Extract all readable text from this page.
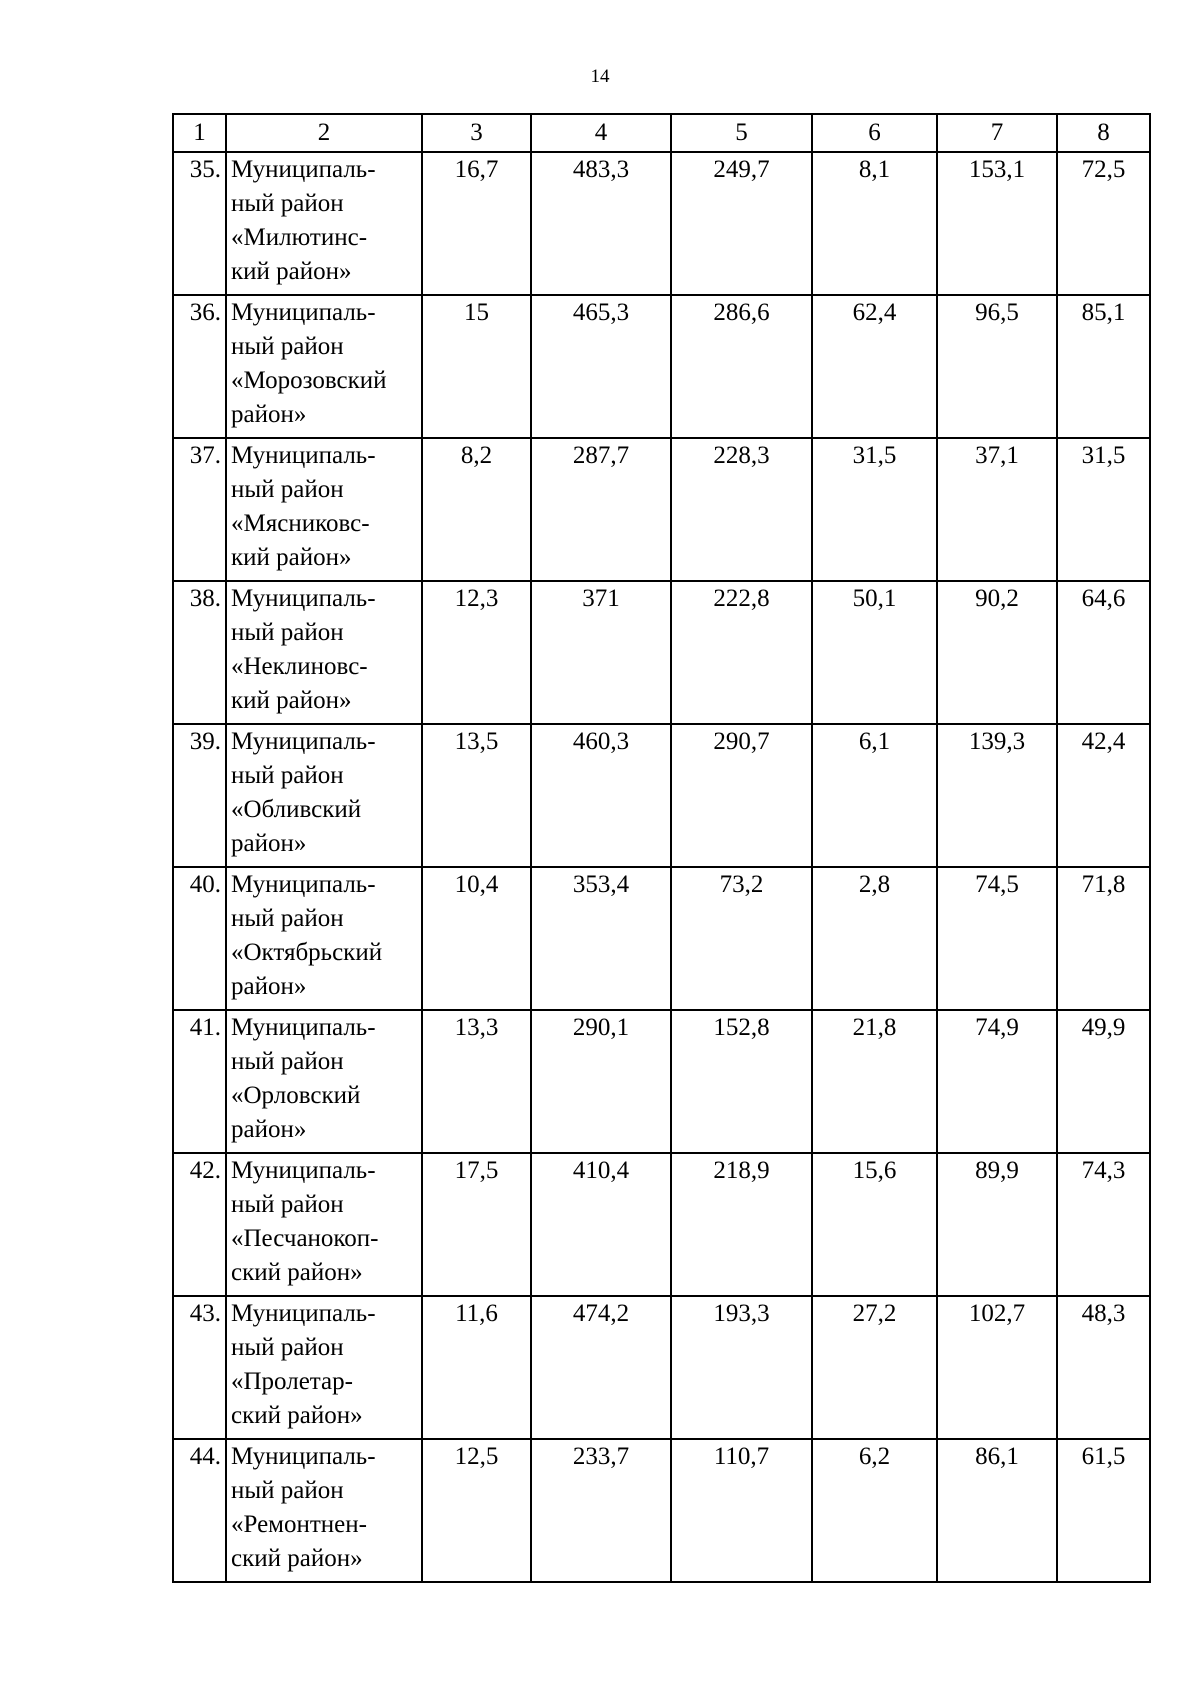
14
1	2	3	4	5	6	7	8
35.	Муниципаль-
ный район
«Милютинс-
кий район»	16,7	483,3	249,7	8,1	153,1	72,5
36.	Муниципаль-
ный район
«Морозовский
район»	15	465,3	286,6	62,4	96,5	85,1
37.	Муниципаль-
ный район
«Мясниковс-
кий район»	8,2	287,7	228,3	31,5	37,1	31,5
38.	Муниципаль-
ный район
«Неклиновс-
кий район»	12,3	371	222,8	50,1	90,2	64,6
39.	Муниципаль-
ный район
«Обливский
район»	13,5	460,3	290,7	6,1	139,3	42,4
40.	Муниципаль-
ный район
«Октябрьский
район»	10,4	353,4	73,2	2,8	74,5	71,8
41.	Муниципаль-
ный район
«Орловский
район»	13,3	290,1	152,8	21,8	74,9	49,9
42.	Муниципаль-
ный район
«Песчанокоп-
ский район»	17,5	410,4	218,9	15,6	89,9	74,3
43.	Муниципаль-
ный район
«Пролетар-
ский район»	11,6	474,2	193,3	27,2	102,7	48,3
44.	Муниципаль-
ный район
«Ремонтнен-
ский район»	12,5	233,7	110,7	6,2	86,1	61,5
